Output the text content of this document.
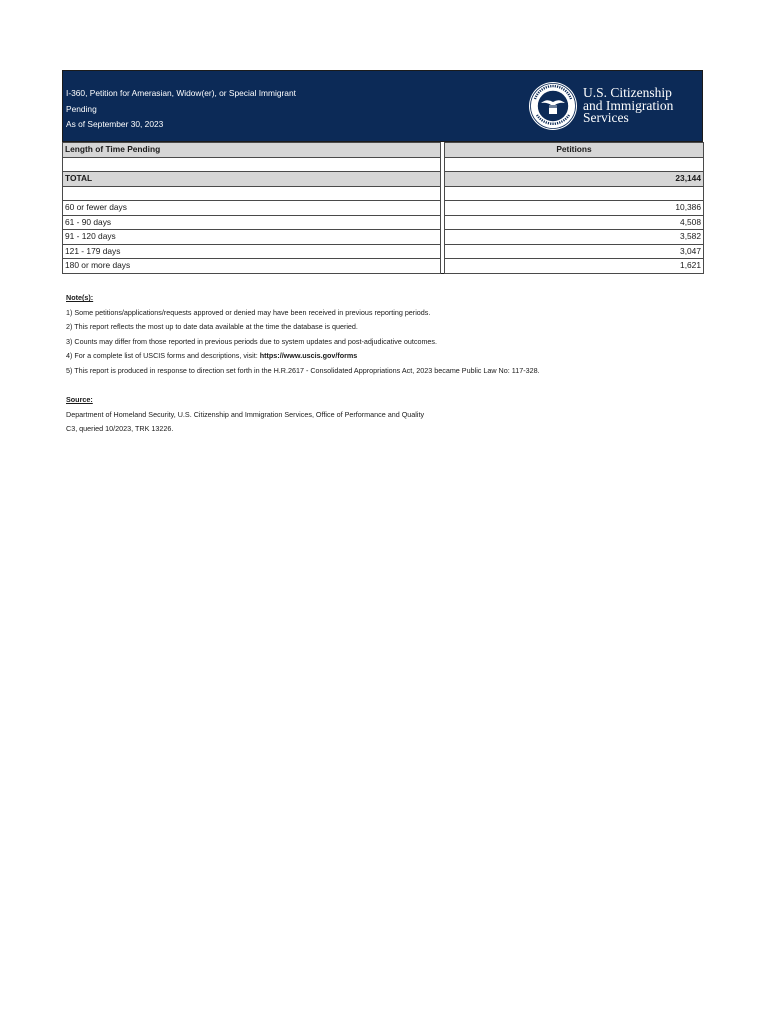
I-360, Petition for Amerasian, Widow(er), or Special Immigrant
Pending
As of September 30, 2023
U.S. Citizenship
and Immigration
Services
Length of Time Pending		Petitions

TOTAL		23,144

60 or fewer days		10,386
61 - 90 days		4,508
91 - 120 days		3,582
121 - 179 days		3,047
180 or more days		1,621
Note(s):
1) Some petitions/applications/requests approved or denied may have been received in previous reporting periods.
2) This report reflects the most up to date data available at the time the database is queried.
3) Counts may differ from those reported in previous periods due to system updates and post-adjudicative outcomes.
4) For a complete list of USCIS forms and descriptions, visit: https://www.uscis.gov/forms
5) This report is produced in response to direction set forth in the H.R.2617 - Consolidated Appropriations Act, 2023 became Public Law No: 117-328.
Source:
Department of Homeland Security, U.S. Citizenship and Immigration Services, Office of Performance and Quality
C3, queried 10/2023, TRK 13226.
